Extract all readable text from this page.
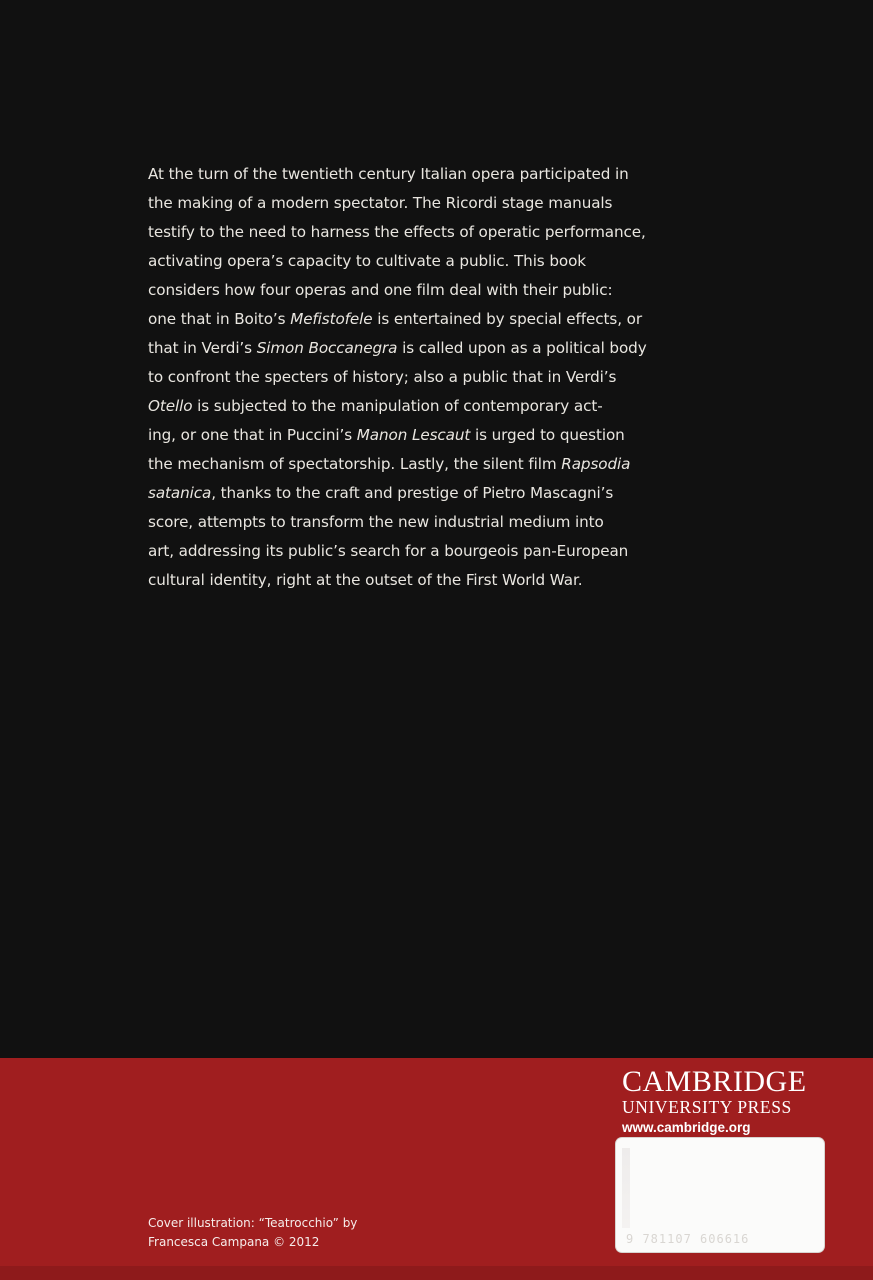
At the turn of the twentieth century Italian opera participated in
the making of a modern spectator. The Ricordi stage manuals
testify to the need to harness the effects of operatic performance,
activating opera’s capacity to cultivate a public. This book
considers how four operas and one film deal with their public:
one that in Boito’s Mefistofele is entertained by special effects, or
that in Verdi’s Simon Boccanegra is called upon as a political body
to confront the specters of history; also a public that in Verdi’s
Otello is subjected to the manipulation of contemporary act-
ing, or one that in Puccini’s Manon Lescaut is urged to question
the mechanism of spectatorship. Lastly, the silent film Rapsodia
satanica, thanks to the craft and prestige of Pietro Mascagni’s
score, attempts to transform the new industrial medium into
art, addressing its public’s search for a bourgeois pan-European
cultural identity, right at the outset of the First World War.

CAMBRIDGE
UNIVERSITY PRESS
www.cambridge.org
9 781107 606616
Cover illustration: “Teatrocchio” by
Francesca Campana © 2012
